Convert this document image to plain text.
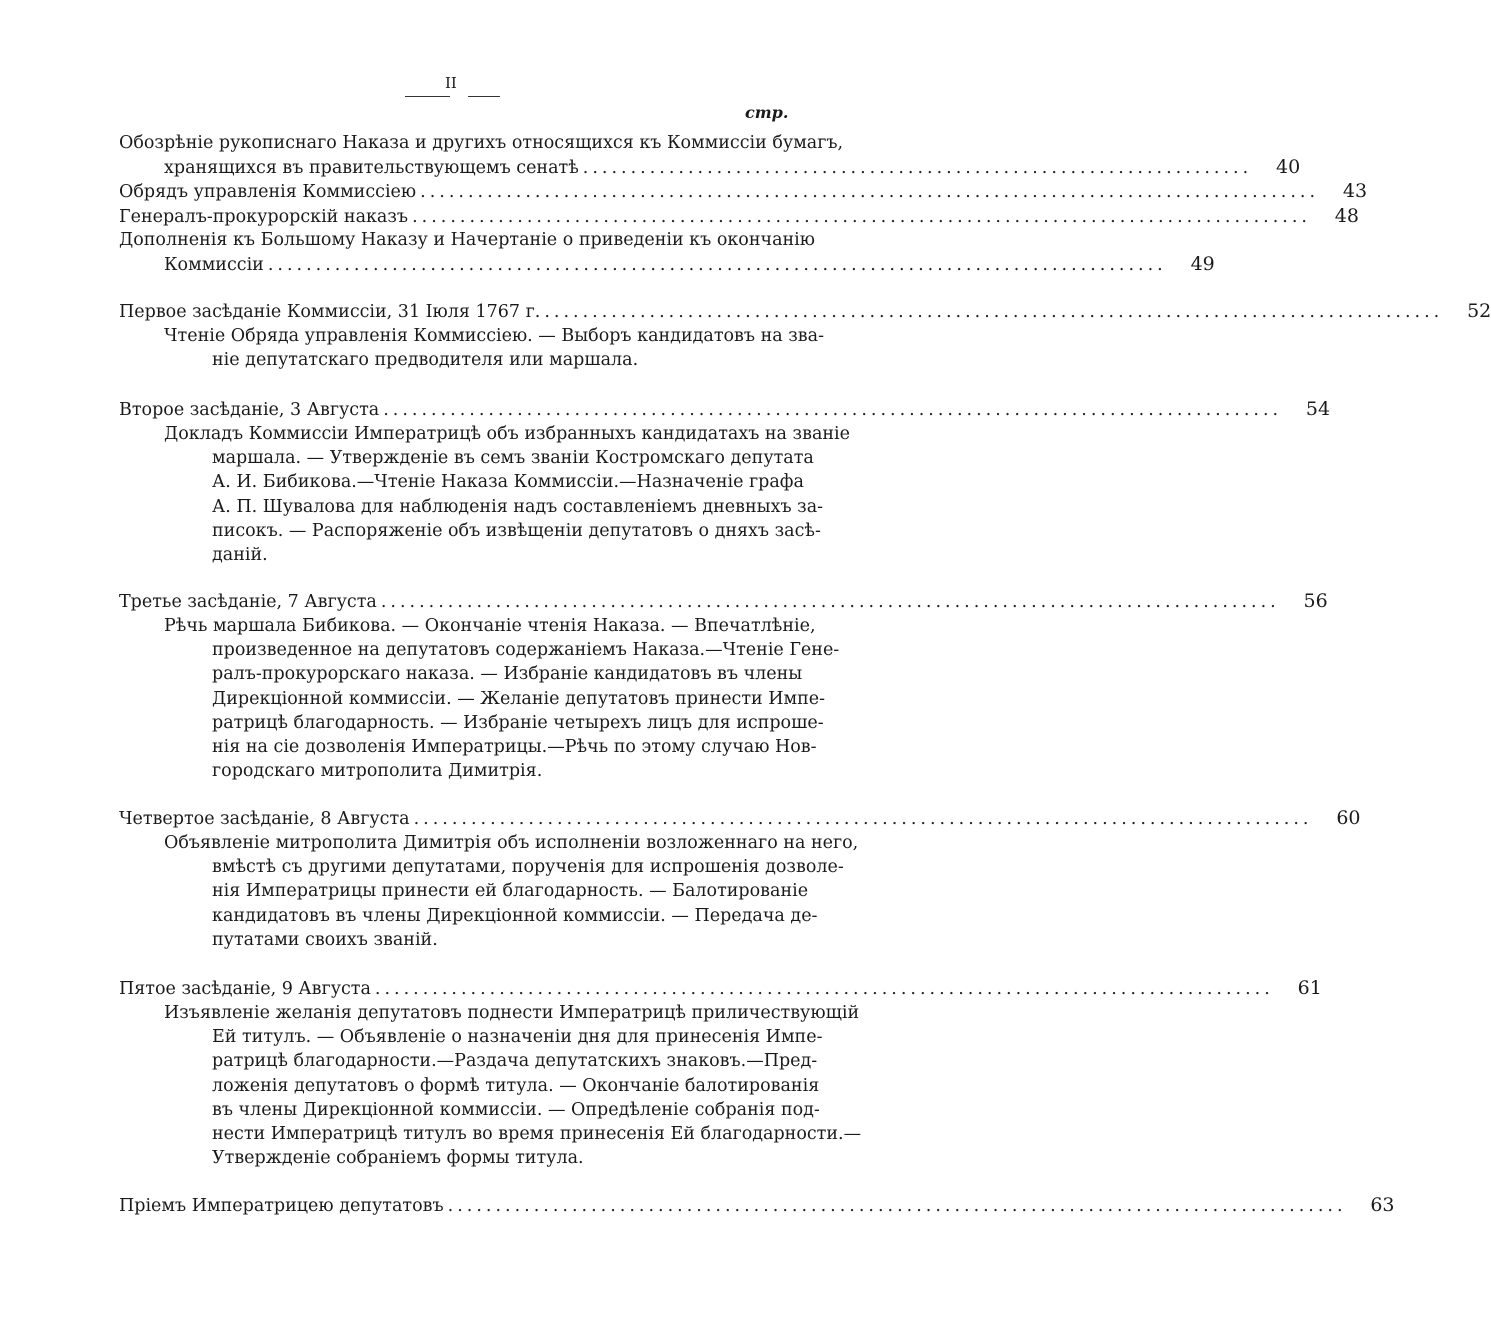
II
стр.
Обозрѣніе рукописнаго Наказа и другихъ относящихся къ Коммиссіи бумагъ,
хранящихся въ правительствующемъ сенатѣ ......................................................................	40
Обрядъ управленія Коммиссіею ..............................................................................................	43
Генералъ-прокурорскій наказъ ..............................................................................................	48
Дополненія къ Большому Наказу и Начертаніе о приведеніи къ окончанію
Коммиссіи ..............................................................................................	49
Первое засѣданіе Коммиссіи, 31 Іюля 1767 г. ..............................................................................................	52
Чтеніе Обряда управленія Коммиссіею. — Выборъ кандидатовъ на зва-
ніе депутатскаго предводителя или маршала.
Второе засѣданіе, 3 Августа ..............................................................................................	54
Докладъ Коммиссіи Императрицѣ объ избранныхъ кандидатахъ на званіе
маршала. — Утвержденіе въ семъ званіи Костромскаго депутата
А. И. Бибикова.—Чтеніе Наказа Коммиссіи.—Назначеніе графа
А. П. Шувалова для наблюденія надъ составленіемъ дневныхъ за-
писокъ. — Распоряженіе объ извѣщеніи депутатовъ о дняхъ засѣ-
даній.
Третье засѣданіе, 7 Августа ..............................................................................................	56
Рѣчь маршала Бибикова. — Окончаніе чтенія Наказа. — Впечатлѣніе,
произведенное на депутатовъ содержаніемъ Наказа.—Чтеніе Гене-
ралъ-прокурорскаго наказа. — Избраніе кандидатовъ въ члены
Дирекціонной коммиссіи. — Желаніе депутатовъ принести Импе-
ратрицѣ благодарность. — Избраніе четырехъ лицъ для испроше-
нія на сіе дозволенія Императрицы.—Рѣчь по этому случаю Нов-
городскаго митрополита Димитрія.
Четвертое засѣданіе, 8 Августа ..............................................................................................	60
Объявленіе митрополита Димитрія объ исполненіи возложеннаго на него,
вмѣстѣ съ другими депутатами, порученія для испрошенія дозволе-
нія Императрицы принести ей благодарность. — Балотированіе
кандидатовъ въ члены Дирекціонной коммиссіи. — Передача де-
путатами своихъ званій.
Пятое засѣданіе, 9 Августа ..............................................................................................	61
Изъявленіе желанія депутатовъ поднести Императрицѣ приличествующій
Ей титулъ. — Объявленіе о назначеніи дня для принесенія Импе-
ратрицѣ благодарности.—Раздача депутатскихъ знаковъ.—Пред-
ложенія депутатовъ о формѣ титула. — Окончаніе балотированія
въ члены Дирекціонной коммиссіи. — Опредѣленіе собранія под-
нести Императрицѣ титулъ во время принесенія Ей благодарности.—
Утвержденіе собраніемъ формы титула.
Пріемъ Императрицею депутатовъ ..............................................................................................	63
